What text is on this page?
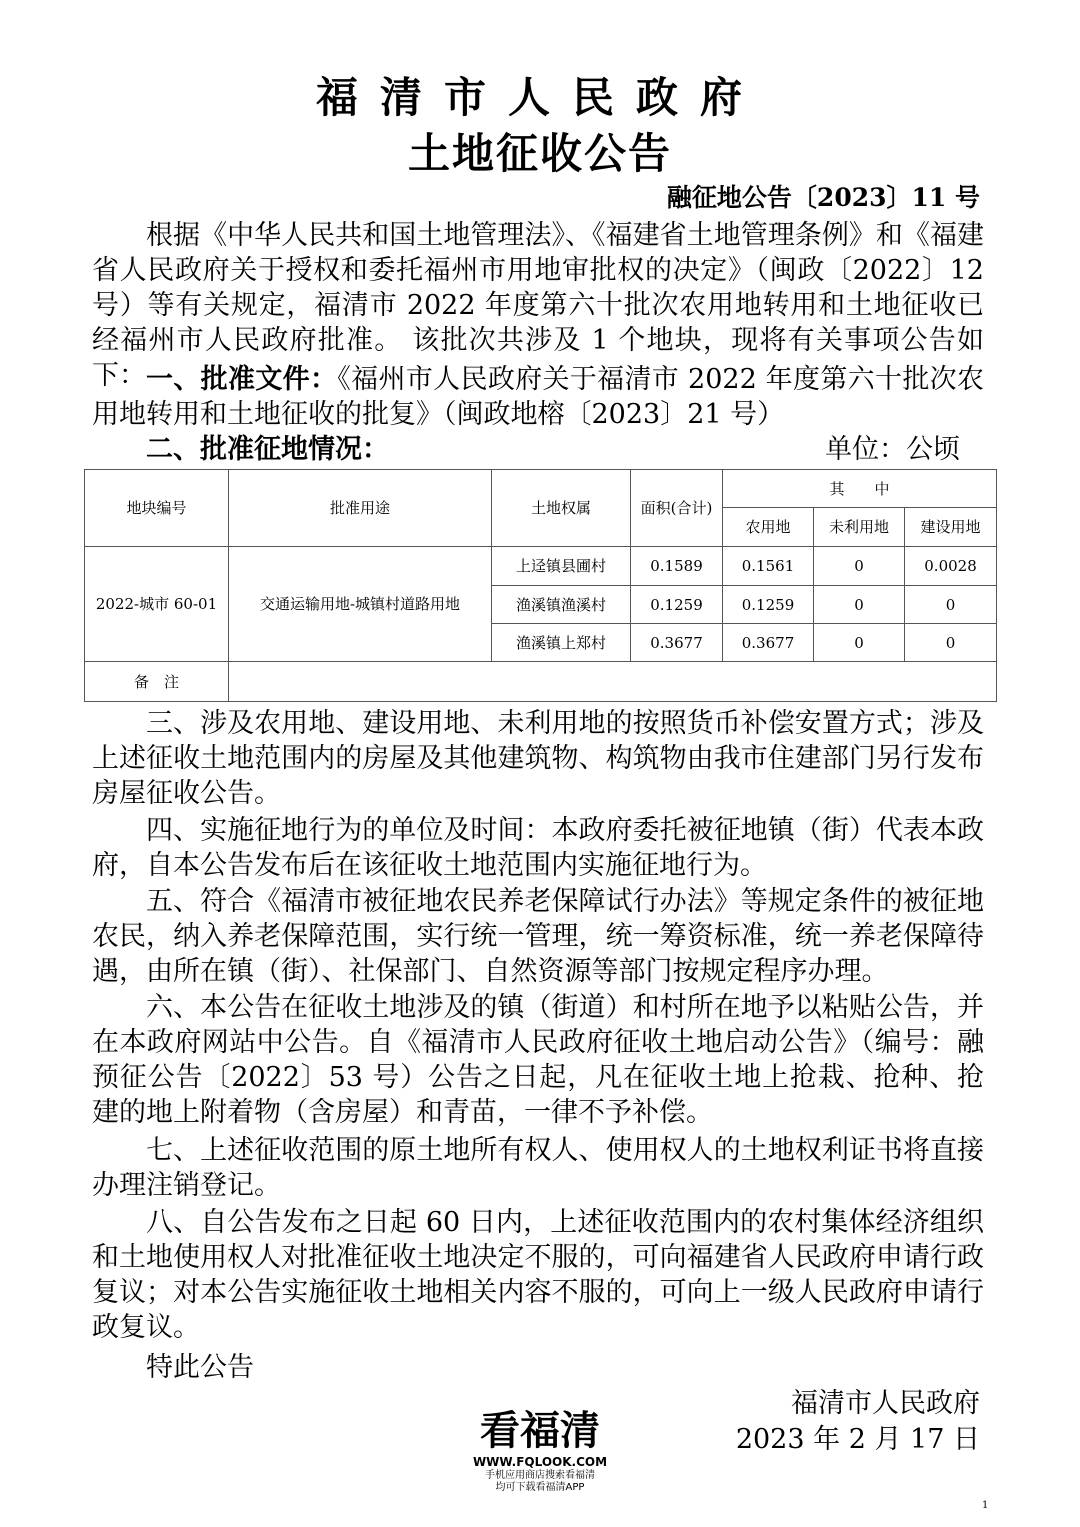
福清市人民政府
土地征收公告
融征地公告〔2023〕11 号

根据《中华人民共和国土地管理法》、《福建省土地管理条例》和《福建省人民政府关于授权和委托福州市用地审批权的决定》（闽政〔2022〕12 号）等有关规定，福清市 2022 年度第六十批次农用地转用和土地征收已经福州市人民政府批准。 该批次共涉及 1 个地块，现将有关事项公告如下： 一、批准文件：《福州市人民政府关于福清市 2022 年度第六十批次农用地转用和土地征收的批复》（闽政地榕〔2023〕21 号）

二、批准征地情况：	单位：公顷
地块编号	批准用途	土地权属	面积(合计)	其　　中		
				农用地	未利用地	建设用地
2022-城市 60-01	交通运输用地-城镇村道路用地	上迳镇县圃村	0.1589	0.1561	0	0.0028
		渔溪镇渔溪村	0.1259	0.1259	0	0
		渔溪镇上郑村	0.3677	0.3677	0	0
备　注						

三、涉及农用地、建设用地、未利用地的按照货币补偿安置方式；涉及上述征收土地范围内的房屋及其他建筑物、构筑物由我市住建部门另行发布房屋征收公告。

四、实施征地行为的单位及时间：本政府委托被征地镇（街）代表本政府，自本公告发布后在该征收土地范围内实施征地行为。

五、符合《福清市被征地农民养老保障试行办法》等规定条件的被征地农民，纳入养老保障范围，实行统一管理，统一筹资标准，统一养老保障待遇，由所在镇（街）、社保部门、自然资源等部门按规定程序办理。

六、本公告在征收土地涉及的镇（街道）和村所在地予以粘贴公告，并在本政府网站中公告。自《福清市人民政府征收土地启动公告》（编号：融预征公告〔2022〕53 号）公告之日起，凡在征收土地上抢栽、抢种、抢建的地上附着物（含房屋）和青苗，一律不予补偿。

七、上述征收范围的原土地所有权人、使用权人的土地权利证书将直接办理注销登记。

八、自公告发布之日起 60 日内，上述征收范围内的农村集体经济组织和土地使用权人对批准征收土地决定不服的，可向福建省人民政府申请行政复议；对本公告实施征收土地相关内容不服的，可向上一级人民政府申请行政复议。

特此公告
福清市人民政府
2023 年 2 月 17 日
看福清
WWW.FQLOOK.COM
手机应用商店搜索看福清
均可下载看福清APP
1
